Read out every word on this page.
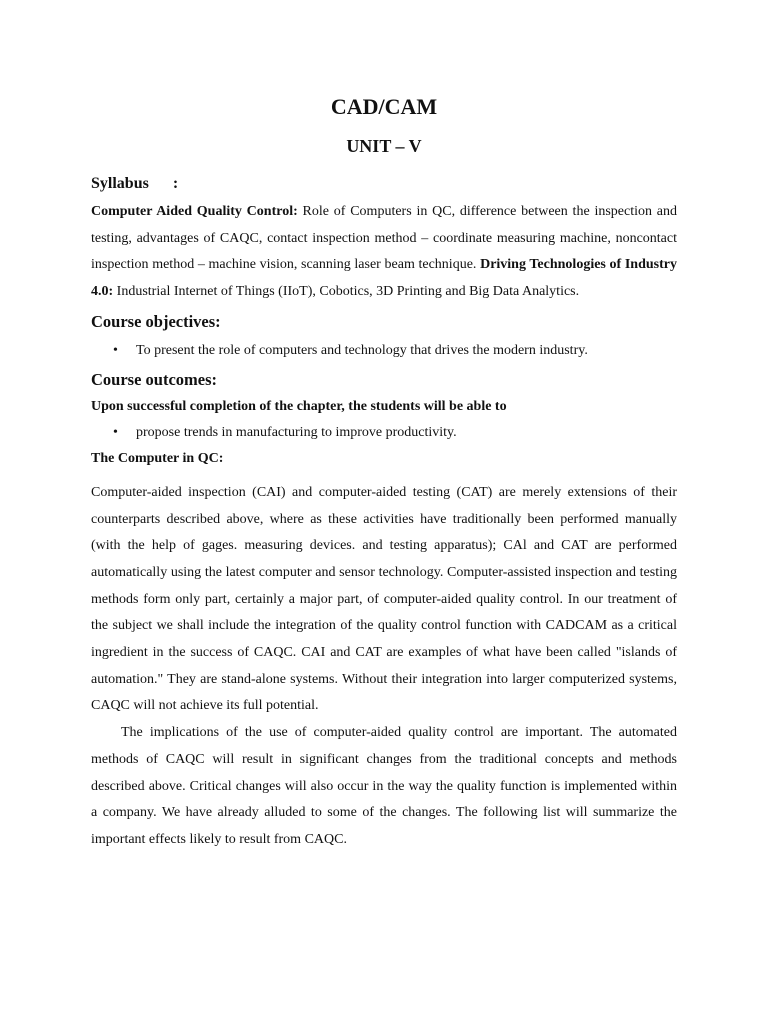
CAD/CAM
UNIT – V
Syllabus      :

Computer Aided Quality Control: Role of Computers in QC, difference between the inspection and testing, advantages of CAQC, contact inspection method – coordinate measuring machine, noncontact inspection method – machine vision, scanning laser beam technique. Driving Technologies of Industry 4.0: Industrial Internet of Things (IIoT), Cobotics, 3D Printing and Big Data Analytics.

Course objectives:
• To present the role of computers and technology that drives the modern industry.
Course outcomes:
Upon successful completion of the chapter, the students will be able to
• propose trends in manufacturing to improve productivity.
The Computer in QC:

Computer-aided inspection (CAI) and computer-aided testing (CAT) are merely extensions of their counterparts described above, where as these activities have traditionally been performed manually (with the help of gages. measuring devices. and testing apparatus); CAl and CAT are performed automatically using the latest computer and sensor technology. Computer-assisted inspection and testing methods form only part, certainly a major part, of computer-aided quality control. In our treatment of the subject we shall include the integration of the quality control function with CADCAM as a critical ingredient in the success of CAQC. CAI and CAT are examples of what have been called "islands of automation." They are stand-alone systems. Without their integration into larger computerized systems, CAQC will not achieve its full potential.

The implications of the use of computer-aided quality control are important. The automated methods of CAQC will result in significant changes from the traditional concepts and methods described above. Critical changes will also occur in the way the quality function is implemented within a company. We have already alluded to some of the changes. The following list will summarize the important effects likely to result from CAQC.
